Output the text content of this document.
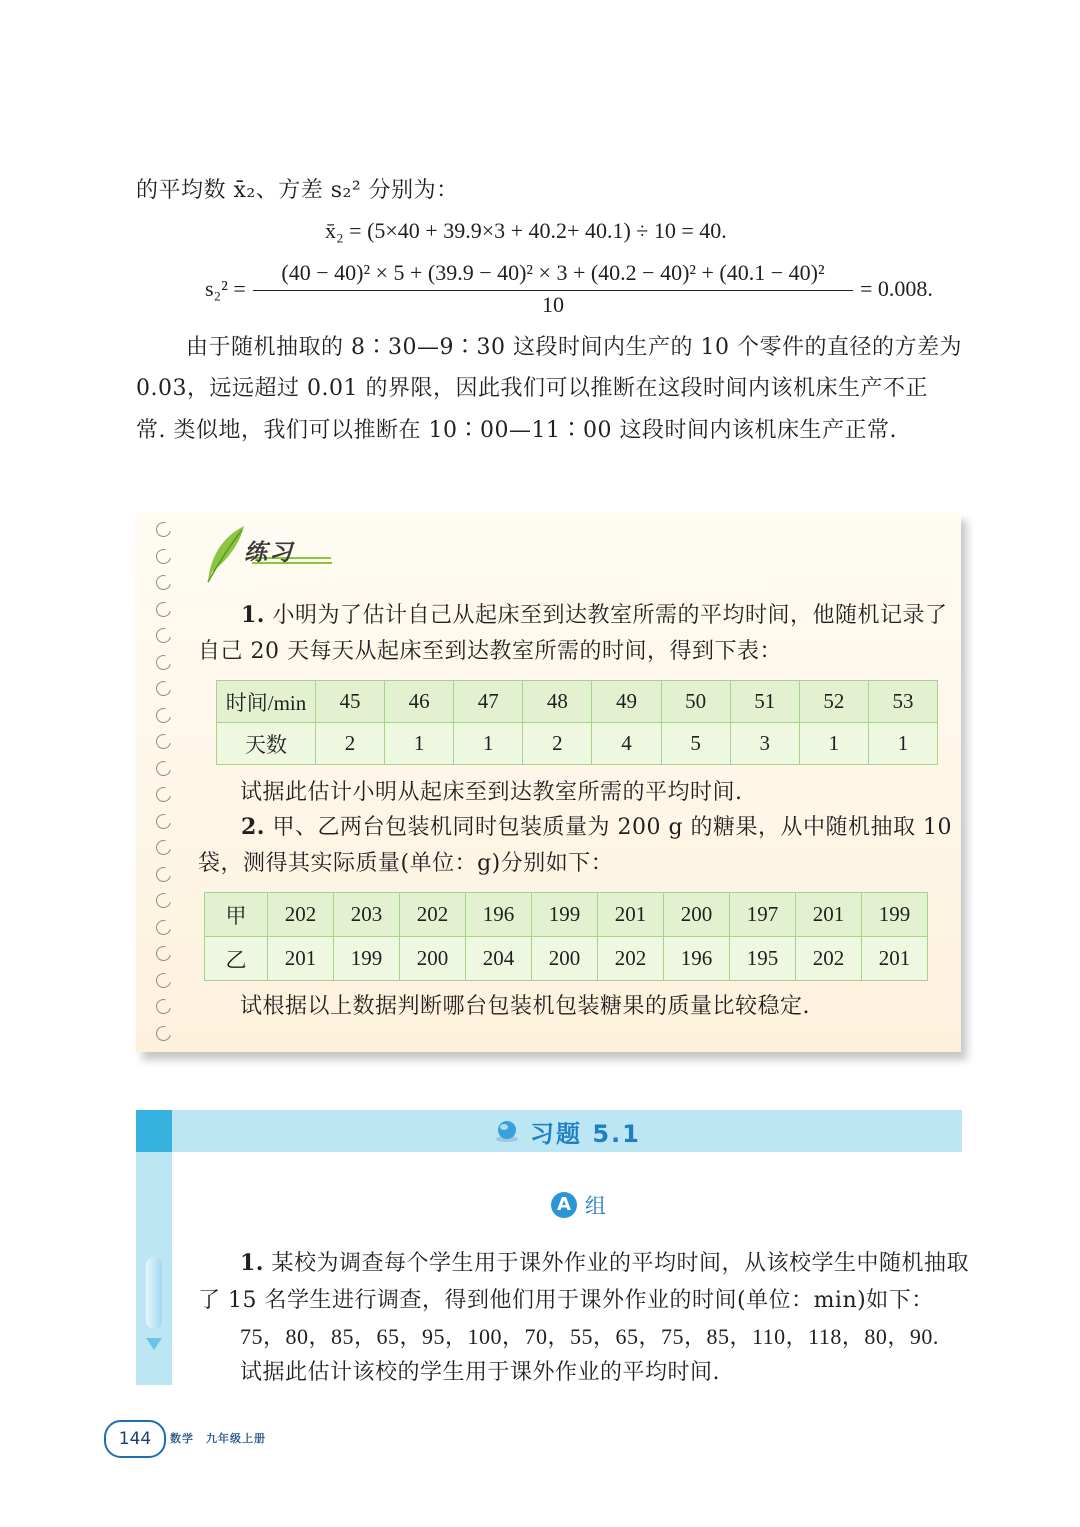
的平均数 x̄₂、方差 s₂² 分别为：
x̄₂ = (5×40 + 39.9×3 + 40.2+ 40.1) ÷ 10 = 40.
s₂² =
(40 − 40)² × 5 + (39.9 − 40)² × 3 + (40.2 − 40)² + (40.1 − 40)²
10
= 0.008.
由于随机抽取的 8∶30—9∶30 这段时间内生产的 10 个零件的直径的方差为
0.03，远远超过 0.01 的界限，因此我们可以推断在这段时间内该机床生产不正
常. 类似地，我们可以推断在 10∶00—11∶00 这段时间内该机床生产正常.
练习
1. 小明为了估计自己从起床至到达教室所需的平均时间，他随机记录了
自己 20 天每天从起床至到达教室所需的时间，得到下表：
时间/min	45	46	47	48	49	50	51	52	53
天数	2	1	1	2	4	5	3	1	1
试据此估计小明从起床至到达教室所需的平均时间.
2. 甲、乙两台包装机同时包装质量为 200 g 的糖果，从中随机抽取 10
袋，测得其实际质量(单位：g)分别如下：
甲	202	203	202	196	199	201	200	197	201	199
乙	201	199	200	204	200	202	196	195	202	201
试根据以上数据判断哪台包装机包装糖果的质量比较稳定.
习题 5.1
A 组
1. 某校为调查每个学生用于课外作业的平均时间，从该校学生中随机抽取
了 15 名学生进行调查，得到他们用于课外作业的时间(单位：min)如下：
75，80，85，65，95，100，70，55，65，75，85，110，118，80，90.
试据此估计该校的学生用于课外作业的平均时间.
144	数学　九年级上册
